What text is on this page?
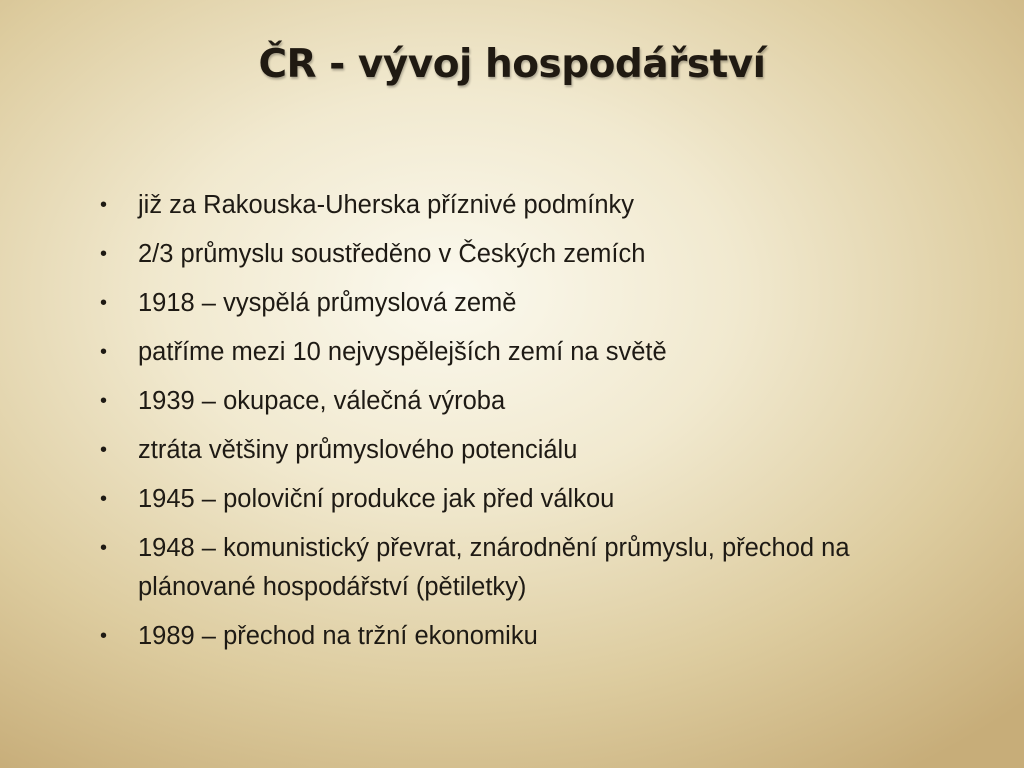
ČR - vývoj hospodářství
•	již za Rakouska-Uherska příznivé podmínky
•	2/3 průmyslu soustředěno v Českých zemích
•	1918 – vyspělá průmyslová země
•	patříme mezi 10 nejvyspělejších zemí na světě
•	1939 – okupace, válečná výroba
•	ztráta většiny průmyslového potenciálu
•	1945 – poloviční produkce jak před válkou
•	1948 – komunistický převrat, znárodnění průmyslu, přechod na plánované hospodářství (pětiletky)
•	1989 – přechod na tržní ekonomiku
